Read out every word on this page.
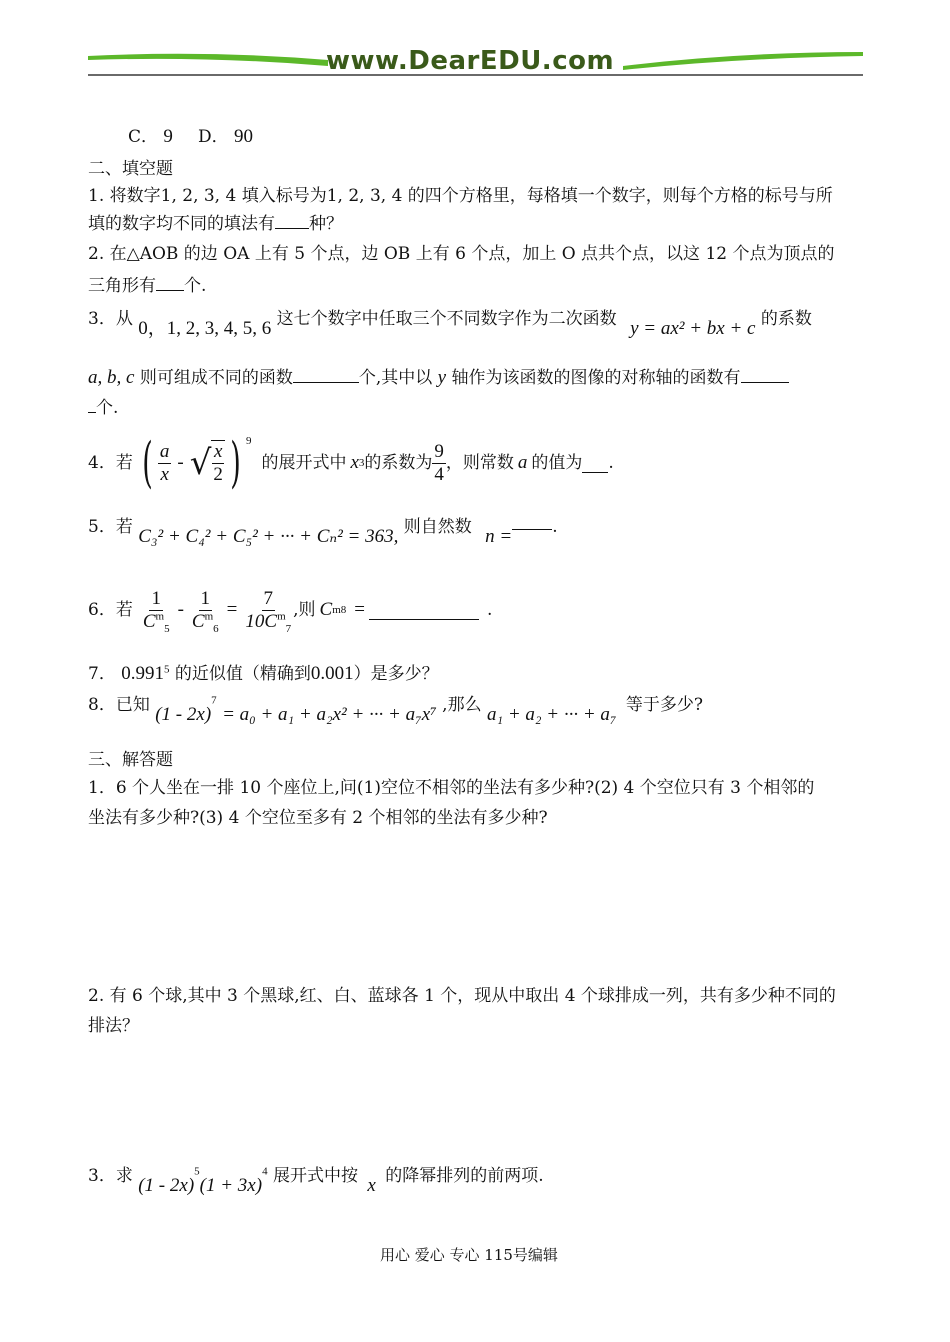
www.DearEDU.com
C． 9 D． 90
二、填空题
1. 将数字1, 2, 3, 4 填入标号为1, 2, 3, 4 的四个方格里，每格填一个数字，则每个方格的标号与所
填的数字均不同的填法有 种？
2. 在△AOB 的边 OA 上有 5 个点，边 OB 上有 6 个点，加上 O 点共个点，以这 12 个点为顶点的
三角形有 个.
3．从 0，1, 2, 3, 4, 5, 6 这七个数字中任取三个不同数字作为二次函数 y = ax² + bx + c 的系数
a, b, c 则可组成不同的函数	个,其中以 y 轴作为该函数的图像的对称轴的函数有
个.
4．若 ( $\frac{a}{x}$ - √ $\frac{x}{2}$ ) 9
的展开式中 x 3 的系数为 $\frac{9}{4}$ ，则常数 a 的值为 .
5．若 C₃² + C₄² + C₅² + ··· + Cₙ² = 363, 则自然数 n = .
6．若 $\frac{1}{C^m_5} - \frac{1}{C^m_6} = \frac{7}{10C^m_7}$ ,则 C m 8 =	.
7． 0.991$^5$ 的近似值（精确到0.001）是多少？
8．已知 (1 - 2x)$^7$ = a₀ + a₁ + a₂x² + ··· + a₇x⁷ ,那么 a₁ + a₂ + ··· + a₇ 等于多少?
三、解答题
1．6 个人坐在一排 10 个座位上,问(1)空位不相邻的坐法有多少种?(2) 4 个空位只有 3 个相邻的
坐法有多少种?(3) 4 个空位至多有 2 个相邻的坐法有多少种?
2. 有 6 个球,其中 3 个黑球,红、白、蓝球各 1 个，现从中取出 4 个球排成一列，共有多少种不同的
排法？
3．求 $(1 - 2x)^5(1 + 3x)^4$ 展开式中按 x 的降幂排列的前两项.
用心 爱心 专心 115号编辑
